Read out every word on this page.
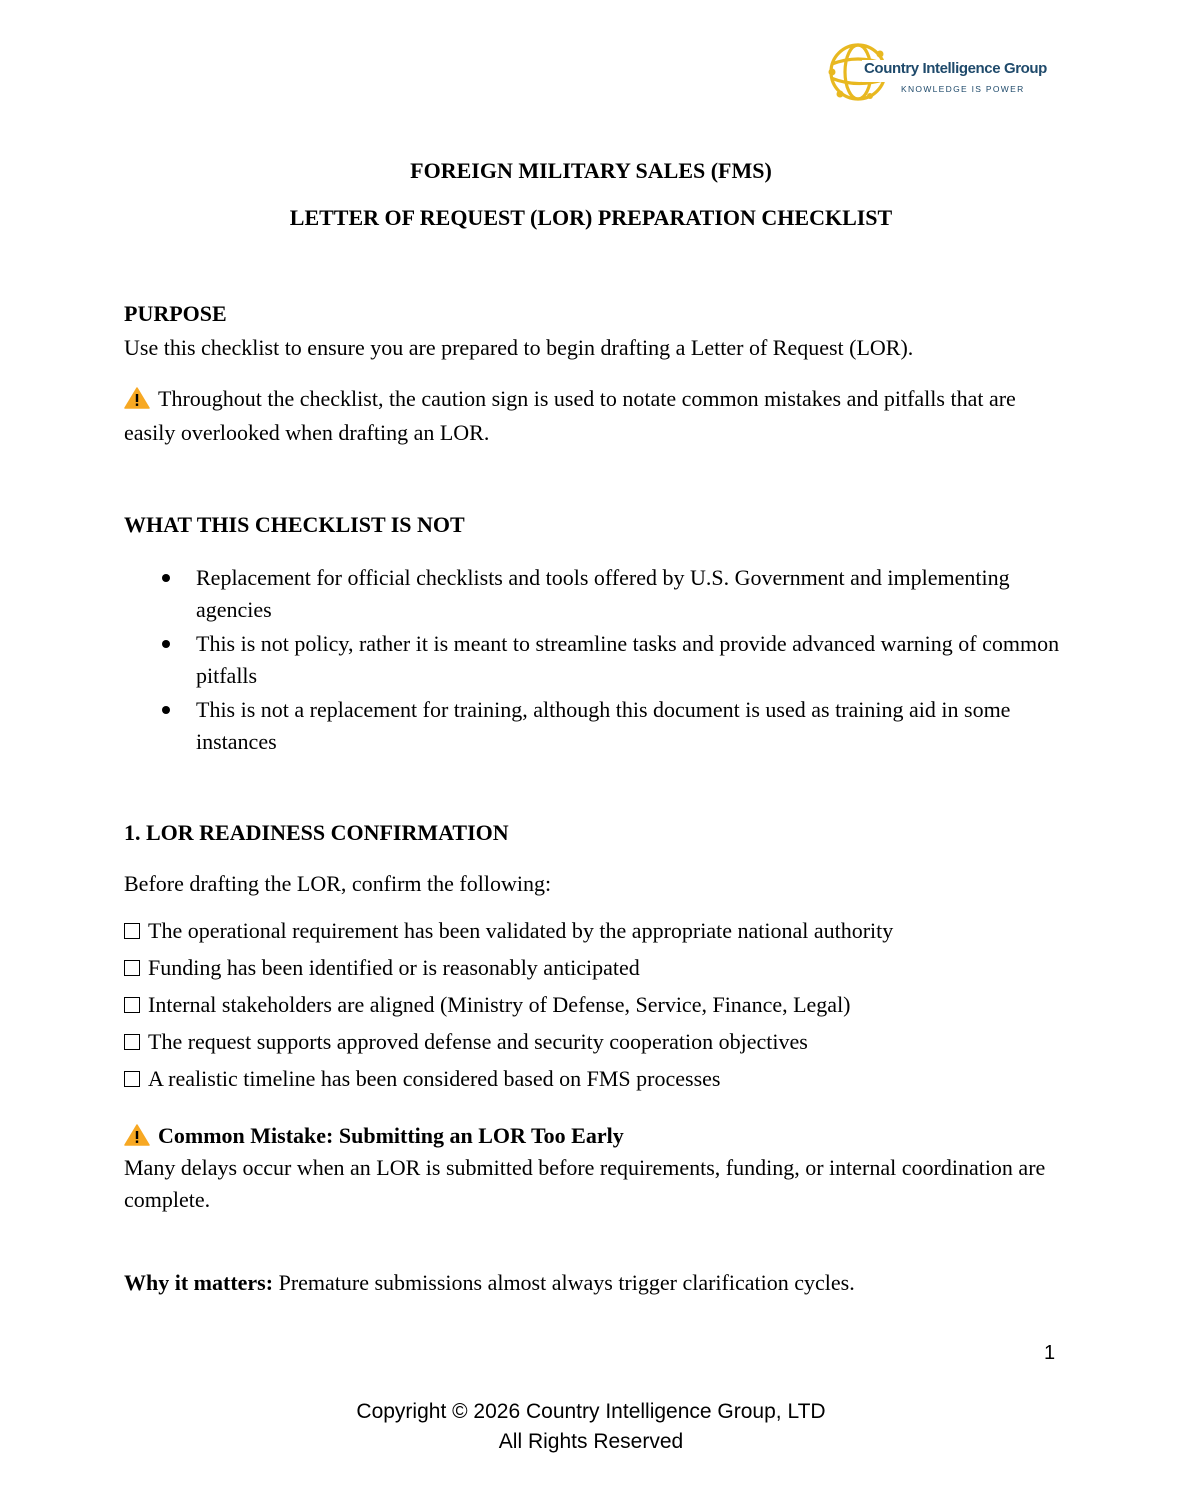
Country Intelligence Group
KNOWLEDGE IS POWER
FOREIGN MILITARY SALES (FMS)
LETTER OF REQUEST (LOR) PREPARATION CHECKLIST
PURPOSE
Use this checklist to ensure you are prepared to begin drafting a Letter of Request (LOR).
Throughout the checklist, the caution sign is used to notate common mistakes and pitfalls that are easily overlooked when drafting an LOR.
WHAT THIS CHECKLIST IS NOT
Replacement for official checklists and tools offered by U.S. Government and implementing agencies
This is not policy, rather it is meant to streamline tasks and provide advanced warning of common pitfalls
This is not a replacement for training, although this document is used as training aid in some instances
1. LOR READINESS CONFIRMATION
Before drafting the LOR, confirm the following:
The operational requirement has been validated by the appropriate national authority
Funding has been identified or is reasonably anticipated
Internal stakeholders are aligned (Ministry of Defense, Service, Finance, Legal)
The request supports approved defense and security cooperation objectives
A realistic timeline has been considered based on FMS processes
Common Mistake: Submitting an LOR Too Early
Many delays occur when an LOR is submitted before requirements, funding, or internal coordination are complete.
Why it matters: Premature submissions almost always trigger clarification cycles.
1
Copyright © 2026 Country Intelligence Group, LTD
All Rights Reserved
